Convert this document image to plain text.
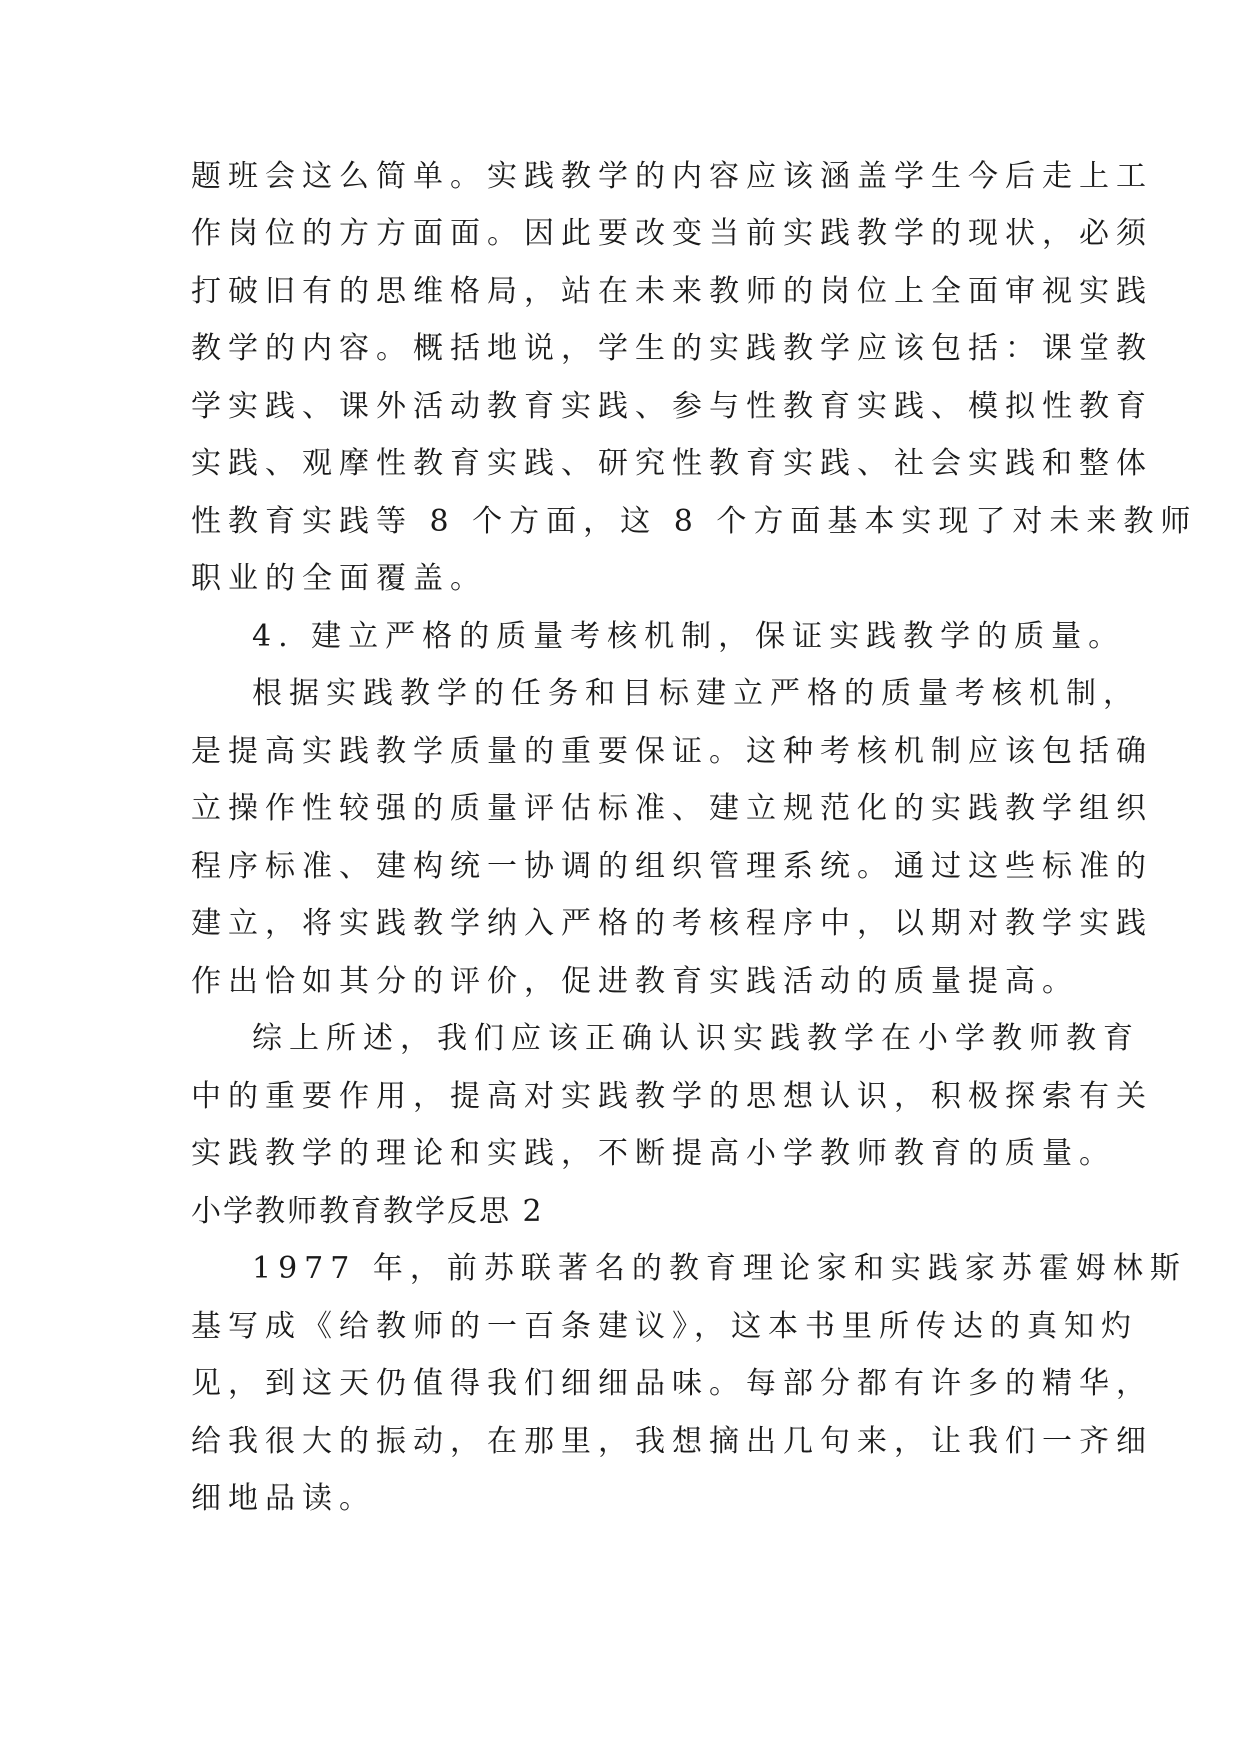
题班会这么简单。实践教学的内容应该涵盖学生今后走上工
作岗位的方方面面。因此要改变当前实践教学的现状，必须
打破旧有的思维格局，站在未来教师的岗位上全面审视实践
教学的内容。概括地说，学生的实践教学应该包括：课堂教
学实践、课外活动教育实践、参与性教育实践、模拟性教育
实践、观摩性教育实践、研究性教育实践、社会实践和整体
性教育实践等 8 个方面，这 8 个方面基本实现了对未来教师
职业的全面覆盖。
4. 建立严格的质量考核机制，保证实践教学的质量。
根据实践教学的任务和目标建立严格的质量考核机制，
是提高实践教学质量的重要保证。这种考核机制应该包括确
立操作性较强的质量评估标准、建立规范化的实践教学组织
程序标准、建构统一协调的组织管理系统。通过这些标准的
建立，将实践教学纳入严格的考核程序中，以期对教学实践
作出恰如其分的评价，促进教育实践活动的质量提高。
综上所述，我们应该正确认识实践教学在小学教师教育
中的重要作用，提高对实践教学的思想认识，积极探索有关
实践教学的理论和实践，不断提高小学教师教育的质量。
小学教师教育教学反思 2
1977 年，前苏联著名的教育理论家和实践家苏霍姆林斯
基写成《给教师的一百条建议》，这本书里所传达的真知灼
见，到这天仍值得我们细细品味。每部分都有许多的精华，
给我很大的振动，在那里，我想摘出几句来，让我们一齐细
细地品读。
